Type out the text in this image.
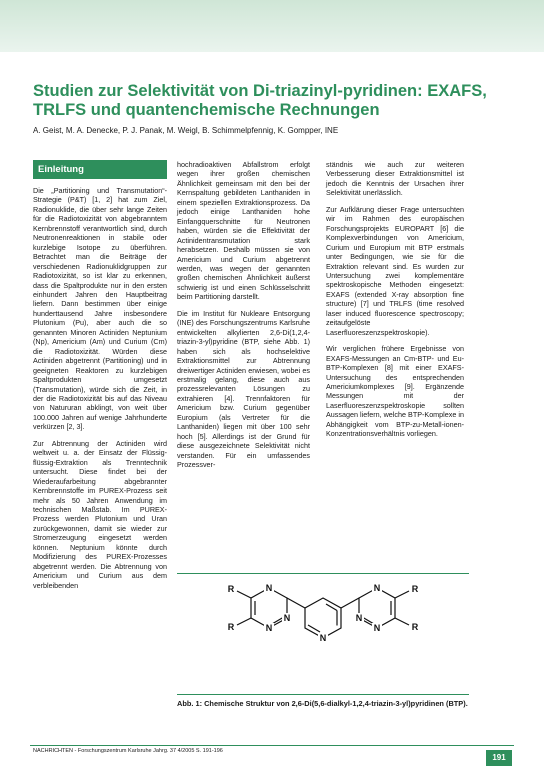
Studien zur Selektivität von Di-triazinyl-pyridinen: EXAFS, TRLFS und quantenchemische Rechnungen
A. Geist, M. A. Denecke, P. J. Panak, M. Weigl, B. Schimmelpfennig, K. Gompper, INE
Einleitung

Die „Partitioning und Transmutation“-Strategie (P&T) [1, 2] hat zum Ziel, Radionuklide, die über sehr lange Zeiten für die Radiotoxizität von abgebranntem Kernbrennstoff verantwortlich sind, durch Neutronenreaktionen in stabile oder kurzlebige Isotope zu überführen. Betrachtet man die Beiträge der verschiedenen Radionuklidgruppen zur Radiotoxizität, so ist klar zu erkennen, dass die Spaltprodukte nur in den ersten einhundert Jahren den Hauptbeitrag liefern. Dann bestimmen über einige hunderttausend Jahre insbesondere Plutonium (Pu), aber auch die so genannten Minoren Actiniden Neptunium (Np), Americium (Am) und Curium (Cm) die Radiotoxizität. Würden diese Actiniden abgetrennt (Partitioning) und in geeigneten Reaktoren zu kurzlebigen Spaltprodukten umgesetzt (Transmutation), würde sich die Zeit, in der die Radiotoxizität bis auf das Niveau von Natururan abklingt, von weit über 100.000 Jahren auf wenige Jahrhunderte verkürzen [2, 3].

Zur Abtrennung der Actiniden wird weltweit u. a. der Einsatz der Flüssig-flüssig-Extraktion als Trenntechnik untersucht. Diese findet bei der Wiederaufarbeitung abgebrannter Kernbrennstoffe im PUREX-Prozess seit mehr als 50 Jahren Anwendung im technischen Maßstab. Im PUREX-Prozess werden Plutonium und Uran zurückgewonnen, damit sie wieder zur Stromerzeugung eingesetzt werden können. Neptunium könnte durch Modifizierung des PUREX-Prozesses abgetrennt werden. Die Abtrennung von Americium und Curium aus dem verbleibenden

hochradioaktiven Abfallstrom erfolgt wegen ihrer großen chemischen Ähnlichkeit gemeinsam mit den bei der Kernspaltung gebildeten Lanthaniden in einem speziellen Extraktionsprozess. Da jedoch einige Lanthaniden hohe Einfangquerschnitte für Neutronen haben, würden sie die Effektivität der Actinidentransmutation stark herabsetzen. Deshalb müssen sie von Americium und Curium abgetrennt werden, was wegen der genannten großen chemischen Ähnlichkeit äußerst schwierig ist und einen Schlüsselschritt beim Partitioning darstellt.

Die im Institut für Nukleare Entsorgung (INE) des Forschungszentrums Karlsruhe entwickelten alkylierten 2,6-Di(1,2,4-triazin-3-yl)pyridine (BTP, siehe Abb. 1) haben sich als hochselektive Extraktionsmittel zur Abtrennung dreiwertiger Actiniden erwiesen, wobei es erstmalig gelang, diese auch aus prozessrelevanten Lösungen zu extrahieren [4]. Trennfaktoren für Americium bzw. Curium gegenüber Europium (als Vertreter für die Lanthaniden) liegen mit über 100 sehr hoch [5]. Allerdings ist der Grund für diese ausgezeichnete Selektivität nicht verstanden. Für ein umfassendes Prozessver-

ständnis wie auch zur weiteren Verbesserung dieser Extraktionsmittel ist jedoch die Kenntnis der Ursachen ihrer Selektivität unerlässlich.

Zur Aufklärung dieser Frage untersuchten wir im Rahmen des europäischen Forschungsprojekts EUROPART [6] die Komplexverbindungen von Americium, Curium und Europium mit BTP erstmals unter Bedingungen, wie sie für die Extraktion relevant sind. Es wurden zur Untersuchung zwei komplementäre spektroskopische Methoden eingesetzt: EXAFS (extended X-ray absorption fine structure) [7] und TRLFS (time resolved laser induced fluorescence spectroscopy; zeitaufgelöste Laserfluoreszenzspektroskopie).

Wir verglichen frühere Ergebnisse von EXAFS-Messungen an Cm-BTP- und Eu-BTP-Komplexen [8] mit einer EXAFS-Untersuchung des entsprechenden Americiumkomplexes [9]. Ergänzende Messungen mit der Laserfluoreszenzspektroskopie sollten Aussagen liefern, welche BTP-Komplexe in Abhängigkeit vom BTP-zu-Metall-ionen-Konzentrationsverhältnis vorliegen.

N
N
N
N
N
N
N
R
R
R
R
Abb. 1: Chemische Struktur von 2,6-Di(5,6-dialkyl-1,2,4-triazin-3-yl)pyridinen (BTP).
NACHRICHTEN - Forschungszentrum Karlsruhe Jahrg. 37 4/2005 S. 191-196
191
